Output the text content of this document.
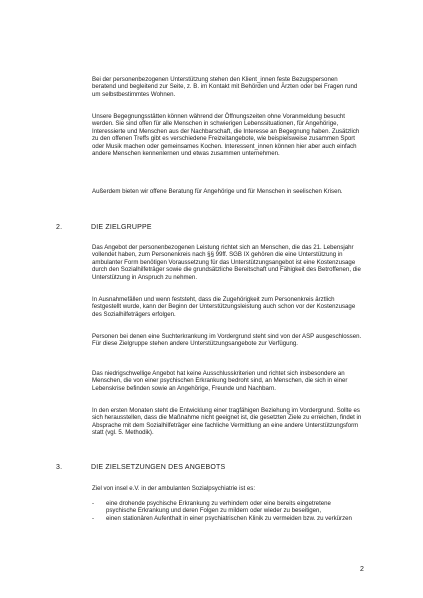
Bei der personenbezogenen Unterstützung stehen den Klient_innen feste Bezugspersonen beratend und begleitend zur Seite, z. B. im Kontakt mit Behörden und Ärzten oder bei Fragen rund um selbstbestimmtes Wohnen.

Unsere Begegnungsstätten können während der Öffnungszeiten ohne Voranmeldung besucht werden. Sie sind offen für alle Menschen in schwierigen Lebenssituationen, für Angehörige, Interessierte und Menschen aus der Nachbarschaft, die Interesse an Begegnung haben. Zusätzlich zu den offenen Treffs gibt es verschiedene Freizeitangebote, wie beispielsweise zusammen Sport oder Musik machen oder gemeinsames Kochen. Interessent_innen können hier aber auch einfach andere Menschen kennenlernen und etwas zusammen unternehmen.

Außerdem bieten wir offene Beratung für Angehörige und für Menschen in seelischen Krisen.

2.	DIE ZIELGRUPPE

Das Angebot der personenbezogenen Leistung richtet sich an Menschen, die das 21. Lebensjahr vollendet haben, zum Personenkreis nach §§ 99ff. SGB IX gehören die eine Unterstützung in ambulanter Form benötigen Voraussetzung für das Unterstützungsangebot ist eine Kostenzusage durch den Sozialhilfeträger sowie die grundsätzliche Bereitschaft und Fähigkeit des Betroffenen, die Unterstützung in Anspruch zu nehmen.

In Ausnahmefällen und wenn feststeht, dass die Zugehörigkeit zum Personenkreis ärztlich festgestellt wurde, kann der Beginn der Unterstützungsleistung auch schon vor der Kostenzusage des Sozialhilfeträgers erfolgen.

Personen bei denen eine Suchterkrankung im Vordergrund steht sind von der ASP ausgeschlossen. Für diese Zielgruppe stehen andere Unterstützungsangebote zur Verfügung.

Das niedrigschwellige Angebot hat keine Ausschlusskriterien und richtet sich insbesondere an Menschen, die von einer psychischen Erkrankung bedroht sind, an Menschen, die sich in einer Lebenskrise befinden sowie an Angehörige, Freunde und Nachbarn.

In den ersten Monaten steht die Entwicklung einer tragfähigen Beziehung im Vordergrund. Sollte es sich herausstellen, dass die Maßnahme nicht geeignet ist, die gesetzten Ziele zu erreichen, findet in Absprache mit dem Sozialhilfeträger eine fachliche Vermittlung an eine andere Unterstützungsform statt (vgl. 5. Methodik).

3.	DIE ZIELSETZUNGEN DES ANGEBOTS

Ziel von insel e.V. in der ambulanten Sozialpsychiatrie ist es:

- eine drohende psychische Erkrankung zu verhindern oder eine bereits eingetretene psychische Erkrankung und deren Folgen zu mildern oder wieder zu beseitigen,
- einen stationären Aufenthalt in einer psychiatrischen Klinik zu vermeiden bzw. zu verkürzen
2
